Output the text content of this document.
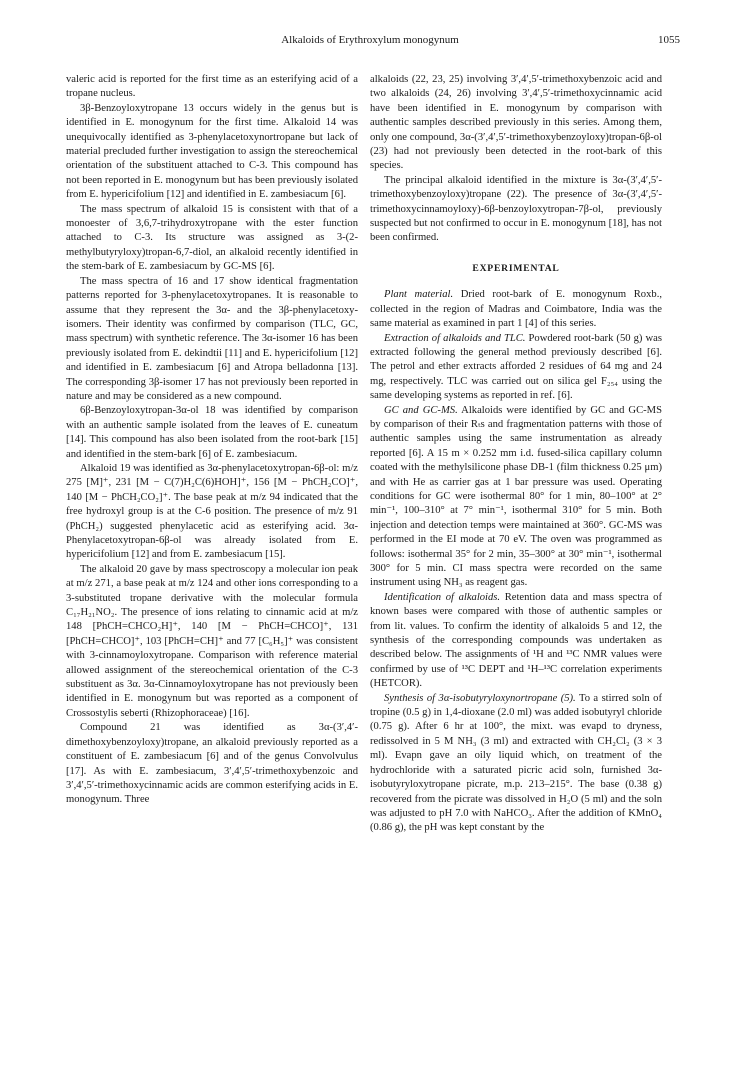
Alkaloids of Erythroxylum monogynum	1055

valeric acid is reported for the first time as an esterifying acid of a tropane nucleus.

3β-Benzoyloxytropane 13 occurs widely in the genus but is identified in E. monogynum for the first time. Alkaloid 14 was unequivocally identified as 3-phenylacetoxynortropane but lack of material precluded further investigation to assign the stereochemical orientation of the substituent attached to C-3. This compound has not been reported in E. monogynum but has been previously isolated from E. hypericifolium [12] and identified in E. zambesiacum [6].

The mass spectrum of alkaloid 15 is consistent with that of a monoester of 3,6,7-trihydroxytropane with the ester function attached to C-3. Its structure was assigned as 3-(2-methylbutyryloxy)tropan-6,7-diol, an alkaloid recently identified in the stem-bark of E. zambesiacum by GC-MS [6].

The mass spectra of 16 and 17 show identical fragmentation patterns reported for 3-phenylacetoxytropanes. It is reasonable to assume that they represent the 3α- and the 3β-phenylacetoxy-isomers. Their identity was confirmed by comparison (TLC, GC, mass spectrum) with synthetic reference. The 3α-isomer 16 has been previously isolated from E. dekindtii [11] and E. hypericifolium [12] and identified in E. zambesiacum [6] and Atropa belladonna [13]. The corresponding 3β-isomer 17 has not previously been reported in nature and may be considered as a new compound.

6β-Benzoyloxytropan-3α-ol 18 was identified by comparison with an authentic sample isolated from the leaves of E. cuneatum [14]. This compound has also been isolated from the root-bark [15] and identified in the stem-bark [6] of E. zambesiacum.

Alkaloid 19 was identified as 3α-phenylacetoxytropan-6β-ol: m/z 275 [M]⁺, 231 [M − C(7)H₂C(6)HOH]⁺, 156 [M − PhCH₂CO]⁺, 140 [M − PhCH₂CO₂]⁺. The base peak at m/z 94 indicated that the free hydroxyl group is at the C-6 position. The presence of m/z 91 (PhCH₂) suggested phenylacetic acid as esterifying acid. 3α-Phenylacetoxytropan-6β-ol was already isolated from E. hypericifolium [12] and from E. zambesiacum [15].

The alkaloid 20 gave by mass spectroscopy a molecular ion peak at m/z 271, a base peak at m/z 124 and other ions corresponding to a 3-substituted tropane derivative with the molecular formula C₁₇H₂₁NO₂. The presence of ions relating to cinnamic acid at m/z 148 [PhCH=CHCO₂H]⁺, 140 [M − PhCH=CHCO]⁺, 131 [PhCH=CHCO]⁺, 103 [PhCH=CH]⁺ and 77 [C₆H₅]⁺ was consistent with 3-cinnamoyloxytropane. Comparison with reference material allowed assignment of the stereochemical orientation of the C-3 substituent as 3α. 3α-Cinnamoyloxytropane has not previously been identified in E. monogynum but was reported as a component of Crossostylis seberti (Rhizophoraceae) [16].

Compound 21 was identified as 3α-(3′,4′-dimethoxybenzoyloxy)tropane, an alkaloid previously reported as a constituent of E. zambesiacum [6] and of the genus Convolvulus [17]. As with E. zambesiacum, 3′,4′,5′-trimethoxybenzoic and 3′,4′,5′-trimethoxycinnamic acids are common esterifying acids in E. monogynum. Three

alkaloids (22, 23, 25) involving 3′,4′,5′-trimethoxybenzoic acid and two alkaloids (24, 26) involving 3′,4′,5′-trimethoxycinnamic acid have been identified in E. monogynum by comparison with authentic samples described previously in this series. Among them, only one compound, 3α-(3′,4′,5′-trimethoxybenzoyloxy)tropan-6β-ol (23) had not previously been detected in the root-bark of this species.

The principal alkaloid identified in the mixture is 3α-(3′,4′,5′-trimethoxybenzoyloxy)tropane (22). The presence of 3α-(3′,4′,5′-trimethoxycinnamoyloxy)-6β-benzoyloxytropan-7β-ol, previously suspected but not confirmed to occur in E. monogynum [18], has not been confirmed.

EXPERIMENTAL

Plant material. Dried root-bark of E. monogynum Roxb., collected in the region of Madras and Coimbatore, India was the same material as examined in part 1 [4] of this series.

Extraction of alkaloids and TLC. Powdered root-bark (50 g) was extracted following the general method previously described [6]. The petrol and ether extracts afforded 2 residues of 64 mg and 24 mg, respectively. TLC was carried out on silica gel F₂₅₄ using the same developing systems as reported in ref. [6].

GC and GC-MS. Alkaloids were identified by GC and GC-MS by comparison of their Rₜs and fragmentation patterns with those of authentic samples using the same instrumentation as already reported [6]. A 15 m × 0.252 mm i.d. fused-silica capillary column coated with the methylsilicone phase DB-1 (film thickness 0.25 μm) and with He as carrier gas at 1 bar pressure was used. Operating conditions for GC were isothermal 80° for 1 min, 80–100° at 2° min⁻¹, 100–310° at 7° min⁻¹, isothermal 310° for 5 min. Both injection and detection temps were maintained at 360°. GC-MS was performed in the EI mode at 70 eV. The oven was programmed as follows: isothermal 35° for 2 min, 35–300° at 30° min⁻¹, isothermal 300° for 5 min. CI mass spectra were recorded on the same instrument using NH₃ as reagent gas.

Identification of alkaloids. Retention data and mass spectra of known bases were compared with those of authentic samples or from lit. values. To confirm the identity of alkaloids 5 and 12, the synthesis of the corresponding compounds was undertaken as described below. The assignments of ¹H and ¹³C NMR values were confirmed by use of ¹³C DEPT and ¹H–¹³C correlation experiments (HETCOR).

Synthesis of 3α-isobutyryloxynortropane (5). To a stirred soln of tropine (0.5 g) in 1,4-dioxane (2.0 ml) was added isobutyryl chloride (0.75 g). After 6 hr at 100°, the mixt. was evapd to dryness, redissolved in 5 M NH₃ (3 ml) and extracted with CH₂Cl₂ (3 × 3 ml). Evapn gave an oily liquid which, on treatment of the hydrochloride with a saturated picric acid soln, furnished 3α-isobutyryloxytropane picrate, m.p. 213–215°. The base (0.38 g) recovered from the picrate was dissolved in H₂O (5 ml) and the soln was adjusted to pH 7.0 with NaHCO₃. After the addition of KMnO₄ (0.86 g), the pH was kept constant by the
